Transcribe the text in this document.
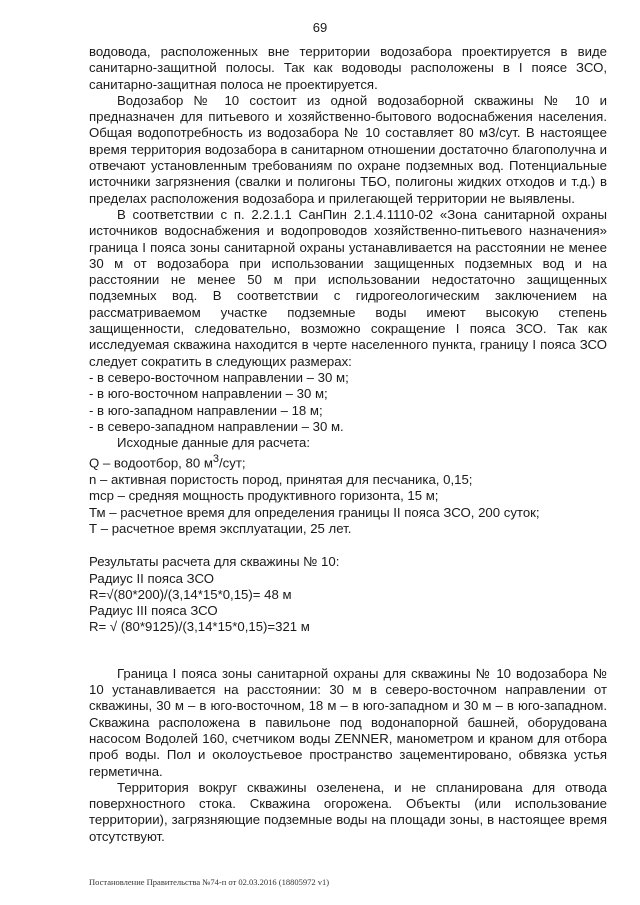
69

водовода, расположенных вне территории водозабора проектируется в виде санитарно-защитной полосы. Так как водоводы расположены в I поясе ЗСО, санитарно-защитная полоса не проектируется.

Водозабор № 10 состоит из одной водозаборной скважины № 10 и предназначен для питьевого и хозяйственно-бытового водоснабжения населения. Общая водопотребность из водозабора № 10 составляет 80 м3/сут. В настоящее время территория водозабора в санитарном отношении достаточно благополучна и отвечают установленным требованиям по охране подземных вод. Потенциальные источники загрязнения (свалки и полигоны ТБО, полигоны жидких отходов и т.д.) в пределах расположения водозабора и прилегающей территории не выявлены.

В соответствии с п. 2.2.1.1 СанПин 2.1.4.1110-02 «Зона санитарной охраны источников водоснабжения и водопроводов хозяйственно-питьевого назначения» граница I пояса зоны санитарной охраны устанавливается на расстоянии не менее 30 м от водозабора при использовании защищенных подземных вод и на расстоянии не менее 50 м при использовании недостаточно защищенных подземных вод. В соответствии с гидрогеологическим заключением на рассматриваемом участке подземные воды имеют высокую степень защищенности, следовательно, возможно сокращение I пояса ЗСО. Так как исследуемая скважина находится в черте населенного пункта, границу I пояса ЗСО следует сократить в следующих размерах:

- в северо-восточном направлении – 30 м;

- в юго-восточном направлении – 30 м;

- в юго-западном направлении – 18 м;

- в северо-западном направлении – 30 м.

Исходные данные для расчета:

Q – водоотбор, 80 $м^3$/сут;

n – активная пористость пород, принятая для песчаника, 0,15;

mср – средняя мощность продуктивного горизонта, 15 м;

Тм – расчетное время для определения границы II пояса ЗСО, 200 суток;

Т – расчетное время эксплуатации, 25 лет.

Результаты расчета для скважины № 10:

Радиус II пояса ЗСО

R=√(80*200)/(3,14*15*0,15)= 48 м

Радиус III пояса ЗСО

R= √ (80*9125)/(3,14*15*0,15)=321 м

Граница I пояса зоны санитарной охраны для скважины № 10 водозабора № 10 устанавливается на расстоянии: 30 м в северо-восточном направлении от скважины, 30 м – в юго-восточном, 18 м – в юго-западном и 30 м – в юго-западном. Скважина расположена в павильоне под водонапорной башней, оборудована насосом Водолей 160, счетчиком воды ZENNER, манометром и краном для отбора проб воды. Пол и околоустьевое пространство зацементировано, обвязка устья герметична.

Территория вокруг скважины озеленена, и не спланирована для отвода поверхностного стока. Скважина огорожена. Объекты (или использование территории), загрязняющие подземные воды на площади зоны, в настоящее время отсутствуют.

Постановление Правительства №74-п от 02.03.2016 (18805972 v1)
